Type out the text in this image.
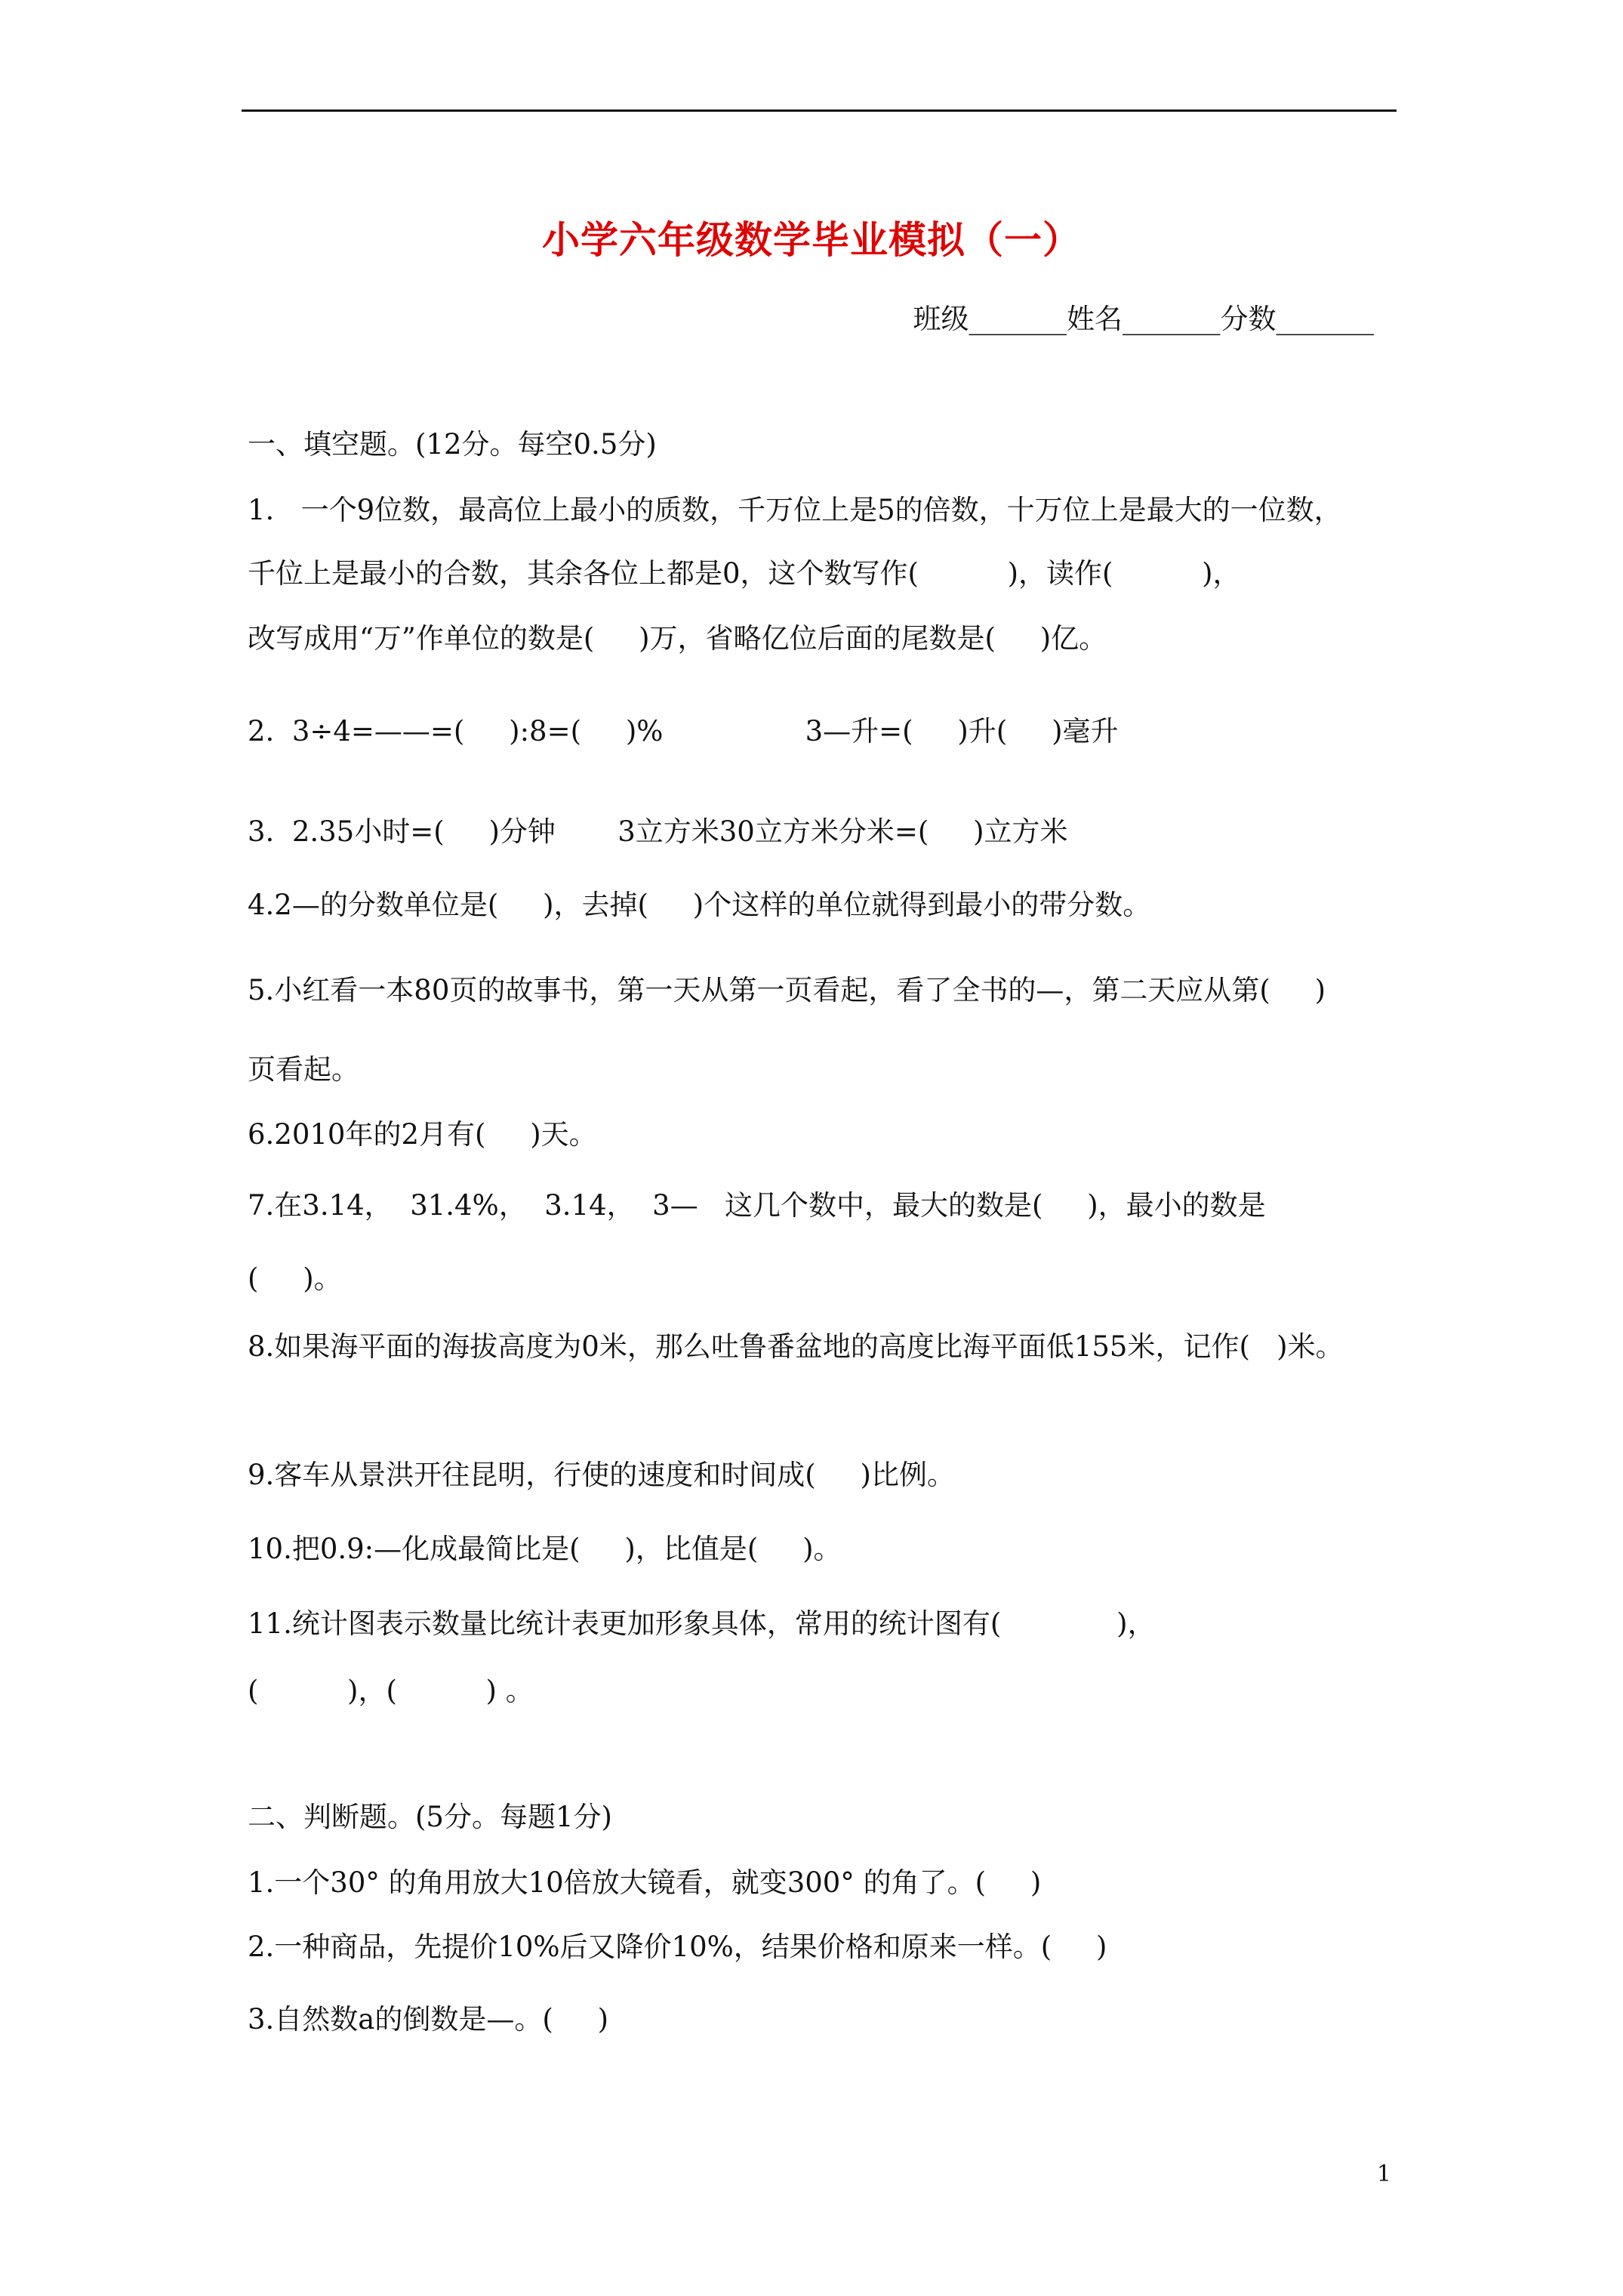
小学六年级数学毕业模拟（一）
班级_______姓名_______分数_______
一、填空题。(12分。每空0.5分)
1.   一个9位数，最高位上最小的质数，千万位上是5的倍数，十万位上是最大的一位数，
千位上是最小的合数，其余各位上都是0，这个数写作(          )，读作(          )，
改写成用“万”作单位的数是(     )万，省略亿位后面的尾数是(     )亿。
2.  3÷4=——=(     ):8=(     )%                3—升=(     )升(     )毫升
3.  2.35小时=(     )分钟       3立方米30立方米分米=(     )立方米
4.2—的分数单位是(     )，去掉(     )个这样的单位就得到最小的带分数。
5.小红看一本80页的故事书，第一天从第一页看起，看了全书的—，第二天应从第(     )
页看起。
6.2010年的2月有(     )天。
7.在3.14，  31.4%，  3.14，  3—   这几个数中，最大的数是(     )，最小的数是
(     )。
8.如果海平面的海拔高度为0米，那么吐鲁番盆地的高度比海平面低155米，记作(   )米。
9.客车从景洪开往昆明，行使的速度和时间成(     )比例。
10.把0.9:—化成最简比是(     )，比值是(     )。
11.统计图表示数量比统计表更加形象具体，常用的统计图有(             )，
(          )，(          ) 。
二、判断题。(5分。每题1分)
1.一个30° 的角用放大10倍放大镜看，就变300° 的角了。(     )
2.一种商品，先提价10%后又降价10%，结果价格和原来一样。(     )
3.自然数a的倒数是—。(     )
1
